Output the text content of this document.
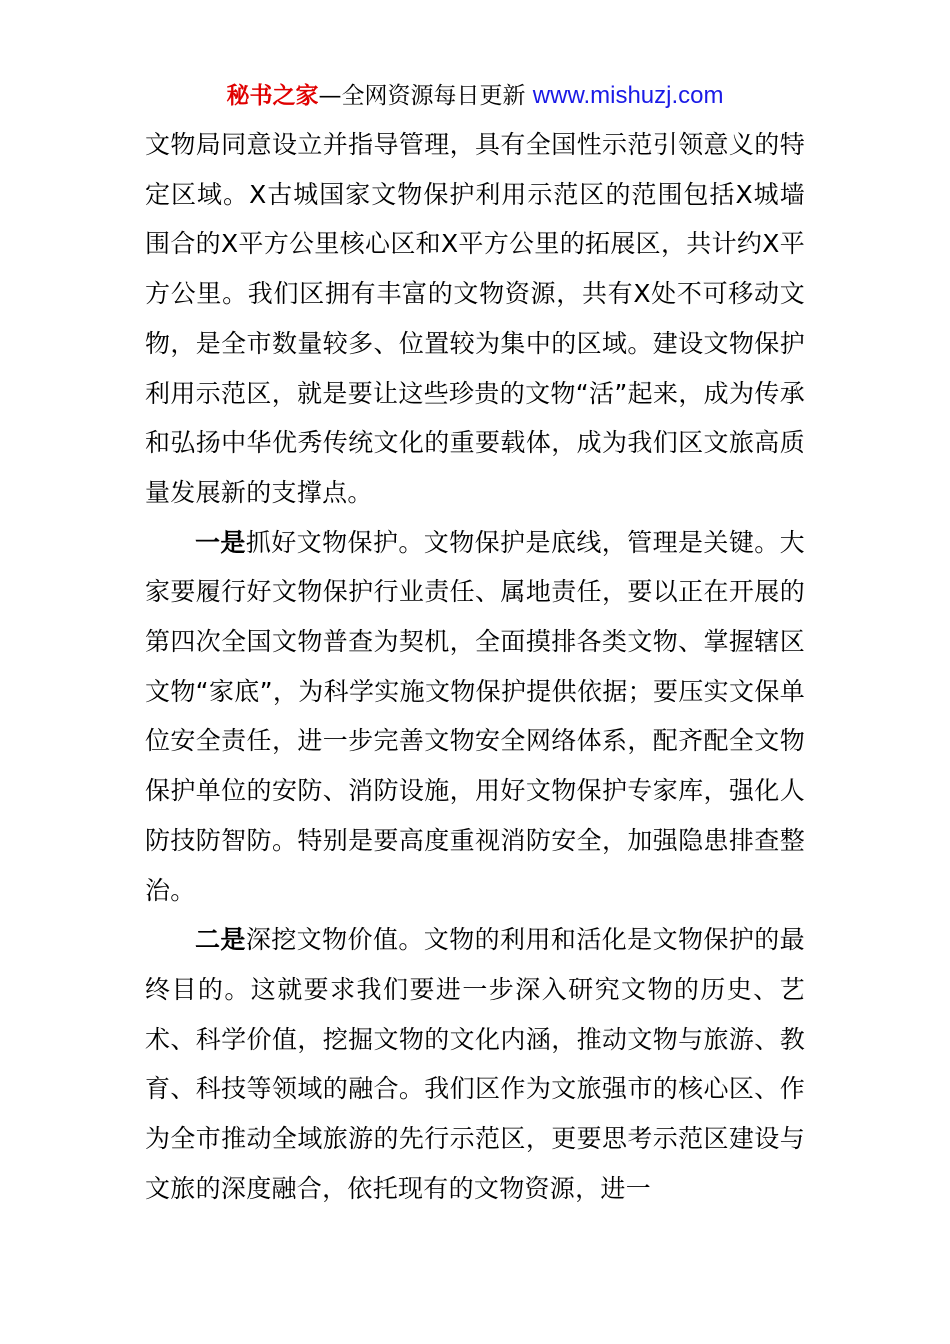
秘书之家—全网资源每日更新 www.mishuzj.com

文物局同意设立并指导管理，具有全国性示范引领意义的特定区域。X古城国家文物保护利用示范区的范围包括X城墙围合的X平方公里核心区和X平方公里的拓展区，共计约X平方公里。我们区拥有丰富的文物资源，共有X处不可移动文物，是全市数量较多、位置较为集中的区域。建设文物保护利用示范区，就是要让这些珍贵的文物“活”起来，成为传承和弘扬中华优秀传统文化的重要载体，成为我们区文旅高质量发展新的支撑点。

一是抓好文物保护。文物保护是底线，管理是关键。大家要履行好文物保护行业责任、属地责任，要以正在开展的第四次全国文物普查为契机，全面摸排各类文物、掌握辖区文物“家底”，为科学实施文物保护提供依据；要压实文保单位安全责任，进一步完善文物安全网络体系，配齐配全文物保护单位的安防、消防设施，用好文物保护专家库，强化人防技防智防。特别是要高度重视消防安全，加强隐患排查整治。

二是深挖文物价值。文物的利用和活化是文物保护的最终目的。这就要求我们要进一步深入研究文物的历史、艺术、科学价值，挖掘文物的文化内涵，推动文物与旅游、教育、科技等领域的融合。我们区作为文旅强市的核心区、作为全市推动全域旅游的先行示范区，更要思考示范区建设与文旅的深度融合，依托现有的文物资源，进一
